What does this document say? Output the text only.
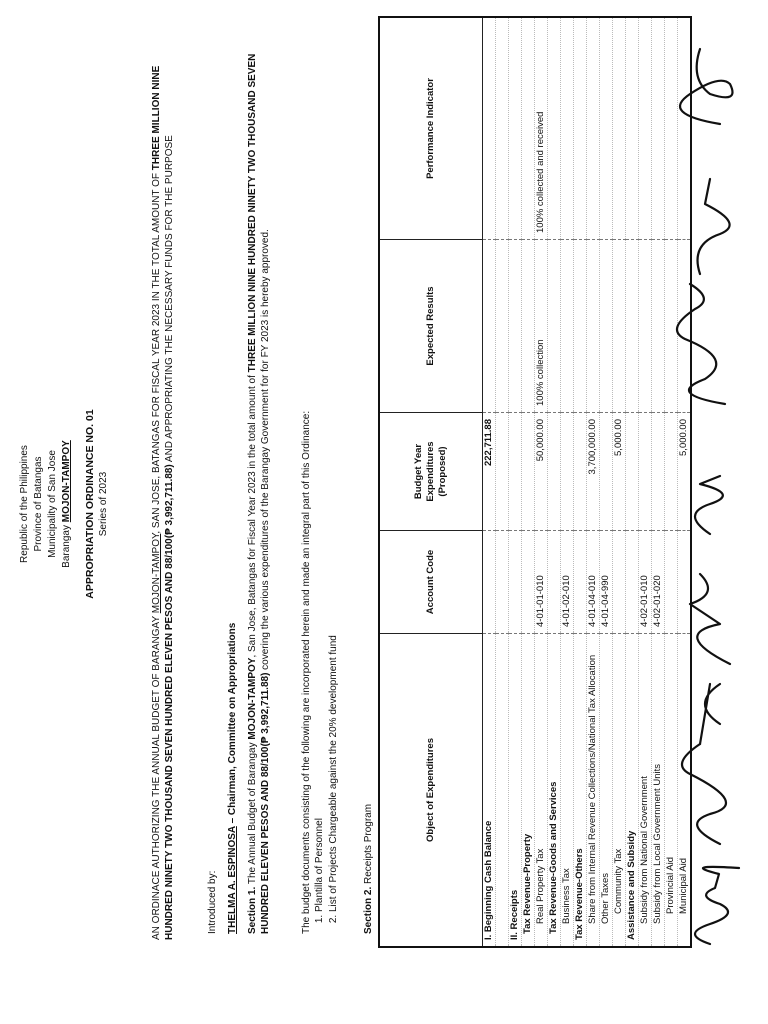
Republic of the Philippines Province of Batangas Municipality of San Jose Barangay MOJON-TAMPOY APPROPRIATION ORDINANCE NO. 01 Series of 2023
AN ORDINACE AUTHORIZING THE ANNUAL BUDGET OF BARANGAY MOJON-TAMPOY, SAN JOSE, BATANGAS FOR FISCAL YEAR 2023 IN THE TOTAL AMOUNT OF THREE MILLION NINE HUNDRED NINETY TWO THOUSAND SEVEN HUNDRED ELEVEN PESOS AND 88/100(₱ 3,992,711.88) AND APPROPRIATING THE NECESSARY FUNDS FOR THE PURPOSE
Introduced by: THELMA A. ESPINOSA – Chairman, Committee on Appropriations
Section 1. The Annual Budget of Barangay MOJON-TAMPOY, San Jose, Batangas for Fiscal Year 2023 in the total amount of THREE MILLION NINE HUNDRED NINETY TWO THOUSAND SEVEN HUNDRED ELEVEN PESOS AND 88/100(₱ 3,992,711.88) covering the various expenditures of the Barangay Government for for FY 2023 is hereby approved.	The budget documents consisting of the following are incorporated herein and made an integral part of this Ordinance: 1. Plantilla of Personnel 2. List of Projects Chargeable against the 20% development fund Section 2. Receipts Program
Object of Expenditures	Account Code	Budget Year Expenditures (Proposed)	Expected Results	Performance Indicator
I. Beginning Cash Balance		222,711.88		

II. Receipts				
Tax Revenue-Property				
Real Property Tax	4-01-01-010	50,000.00	100% collection	100% collected and received
Tax Revenue-Goods and Services				
Business Tax	4-01-02-010			
Tax Revenue-Others				
Share from Internal Revenue Collections/National Tax Allocation	4-01-04-010	3,700,000.00		
Other Taxes	4-01-04-990			
Community Tax		5,000.00		
Assistance and Subsidy				
Subsidy from National Government	4-02-01-010			
Subsidy from Local Government Units	4-02-01-020			
Provincial Aid				
Municipal Aid		5,000.00		
